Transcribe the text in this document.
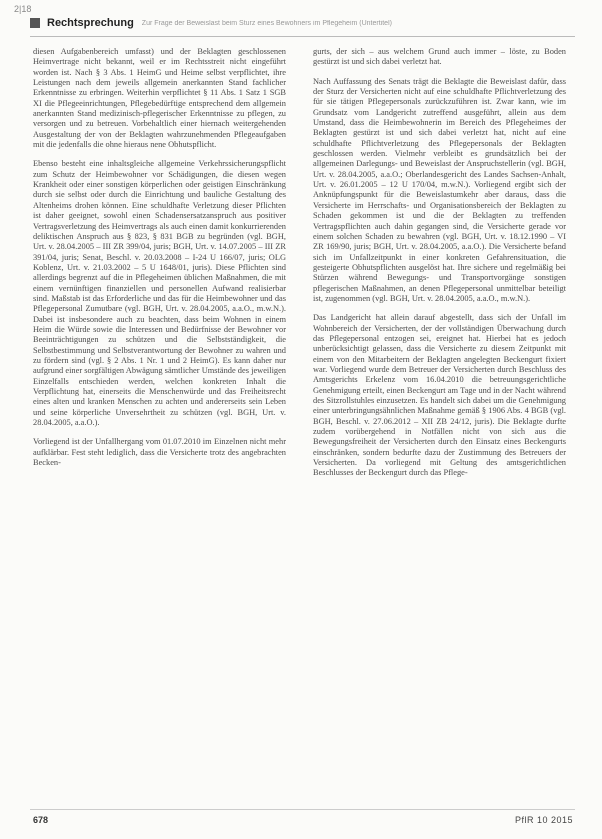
2|18
Rechtsprechung Zur Frage der Beweislast beim Sturz eines Bewohners im Pflegeheim (Untertitel)

diesen Aufgabenbereich umfasst) und der Beklagten geschlossenen Heimvertrage nicht bekannt, weil er im Rechtsstreit nicht eingeführt worden ist. Nach § 3 Abs. 1 HeimG und Heime selbst verpflichtet, ihre Leistungen nach dem jeweils allgemein anerkannten Stand fachlicher Erkenntnisse zu erbringen. Weiterhin verpflichtet § 11 Abs. 1 Satz 1 SGB XI die Pflegeeinrichtungen, Pflegebedürftige entsprechend dem allgemein anerkannten Stand medizinisch-pflegerischer Erkenntnisse zu pflegen, zu versorgen und zu betreuen. Vorbehaltlich einer hiernach weitergehenden Ausgestaltung der von der Beklagten wahrzunehmenden Pflegeaufgaben mit die jedenfalls die ohne hieraus nene Obhutspflicht.

Ebenso besteht eine inhaltsgleiche allgemeine Verkehrssicherungspflicht zum Schutz der Heimbewohner vor Schädigungen, die diesen wegen Krankheit oder einer sonstigen körperlichen oder geistigen Einschränkung durch sie selbst oder durch die Einrichtung und bauliche Gestaltung des Altenheims drohen können. Eine schuldhafte Verletzung dieser Pflichten ist daher geeignet, sowohl einen Schadensersatzanspruch aus positiver Vertragsverletzung des Heimvertrags als auch einen damit konkurrierenden deliktischen Anspruch aus § 823, § 831 BGB zu begründen (vgl. BGH, Urt. v. 28.04.2005 – III ZR 399/04, juris; BGH, Urt. v. 14.07.2005 – III ZR 391/04, juris; Senat, Beschl. v. 20.03.2008 – I-24 U 166/07, juris; OLG Koblenz, Urt. v. 21.03.2002 – 5 U 1648/01, juris). Diese Pflichten sind allerdings begrenzt auf die in Pflegeheimen üblichen Maßnahmen, die mit einem vernünftigen finanziellen und personellen Aufwand realisierbar sind. Maßstab ist das Erforderliche und das für die Heimbewohner und das Pflegepersonal Zumutbare (vgl. BGH, Urt. v. 28.04.2005, a.a.O., m.w.N.). Dabei ist insbesondere auch zu beachten, dass beim Wohnen in einem Heim die Würde sowie die Interessen und Bedürfnisse der Bewohner vor Beeinträchtigungen zu schützen und die Selbstständigkeit, die Selbstbestimmung und Selbstverantwortung der Bewohner zu wahren und zu fördern sind (vgl. § 2 Abs. 1 Nr. 1 und 2 HeimG). Es kann daher nur aufgrund einer sorgfältigen Abwägung sämtlicher Umstände des jeweiligen Einzelfalls entschieden werden, welchen konkreten Inhalt die Verpflichtung hat, einerseits die Menschenwürde und das Freiheitsrecht eines alten und kranken Menschen zu achten und andererseits sein Leben und seine körperliche Unversehrtheit zu schützen (vgl. BGH, Urt. v. 28.04.2005, a.a.O.).

Vorliegend ist der Unfallhergang vom 01.07.2010 im Einzelnen nicht mehr aufklärbar. Fest steht lediglich, dass die Versicherte trotz des angebrachten Becken-

gurts, der sich – aus welchem Grund auch immer – löste, zu Boden gestürzt ist und sich dabei verletzt hat.

Nach Auffassung des Senats trägt die Beklagte die Beweislast dafür, dass der Sturz der Versicherten nicht auf eine schuldhafte Pflichtverletzung des für sie tätigen Pflegepersonals zurückzuführen ist. Zwar kann, wie im Grundsatz vom Landgericht zutreffend ausgeführt, allein aus dem Umstand, dass die Heimbewohnerin im Bereich des Pflegeheimes der Beklagten gestürzt ist und sich dabei verletzt hat, nicht auf eine schuldhafte Pflichtverletzung des Pflegepersonals der Beklagten geschlossen werden. Vielmehr verbleibt es grundsätzlich bei der allgemeinen Darlegungs- und Beweislast der Anspruchstellerin (vgl. BGH, Urt. v. 28.04.2005, a.a.O.; Oberlandesgericht des Landes Sachsen-Anhalt, Urt. v. 26.01.2005 – 12 U 170/04, m.w.N.). Vorliegend ergibt sich der Anknüpfungspunkt für die Beweislastumkehr aber daraus, dass die Versicherte im Herrschafts- und Organisationsbereich der Beklagten zu Schaden gekommen ist und die der Beklagten zu treffenden Vertragspflichten auch dahin gegangen sind, die Versicherte gerade vor einem solchen Schaden zu bewahren (vgl. BGH, Urt. v. 18.12.1990 – VI ZR 169/90, juris; BGH, Urt. v. 28.04.2005, a.a.O.). Die Versicherte befand sich im Unfallzeitpunkt in einer konkreten Gefahrensituation, die gesteigerte Obhutspflichten ausgelöst hat. Ihre sichere und regelmäßig bei Stürzen während Bewegungs- und Transportvorgänge sonstigen pflegerischen Maßnahmen, an denen Pflegepersonal unmittelbar beteiligt ist, zugenommen (vgl. BGH, Urt. v. 28.04.2005, a.a.O., m.w.N.).

Das Landgericht hat allein darauf abgestellt, dass sich der Unfall im Wohnbereich der Versicherten, der der vollständigen Überwachung durch das Pflegepersonal entzogen sei, ereignet hat. Hierbei hat es jedoch unberücksichtigt gelassen, dass die Versicherte zu diesem Zeitpunkt mit einem von den Mitarbeitern der Beklagten angelegten Beckengurt fixiert war. Vorliegend wurde dem Betreuer der Versicherten durch Beschluss des Amtsgerichts Erkelenz vom 16.04.2010 die betreuungsgerichtliche Genehmigung erteilt, einen Beckengurt am Tage und in der Nacht während des Sitzrollstuhles einzusetzen. Es handelt sich dabei um die Genehmigung einer unterbringungsähnlichen Maßnahme gemäß § 1906 Abs. 4 BGB (vgl. BGH, Beschl. v. 27.06.2012 – XII ZB 24/12, juris). Die Beklagte durfte zudem vorübergehend in Notfällen nicht von sich aus die Bewegungsfreiheit der Versicherten durch den Einsatz eines Beckengurts einschränken, sondern bedurfte dazu der Zustimmung des Betreuers der Versicherten. Da vorliegend mit Geltung des amtsgerichtlichen Beschlusses der Beckengurt durch das Pflege-

678	PflR 10 2015
